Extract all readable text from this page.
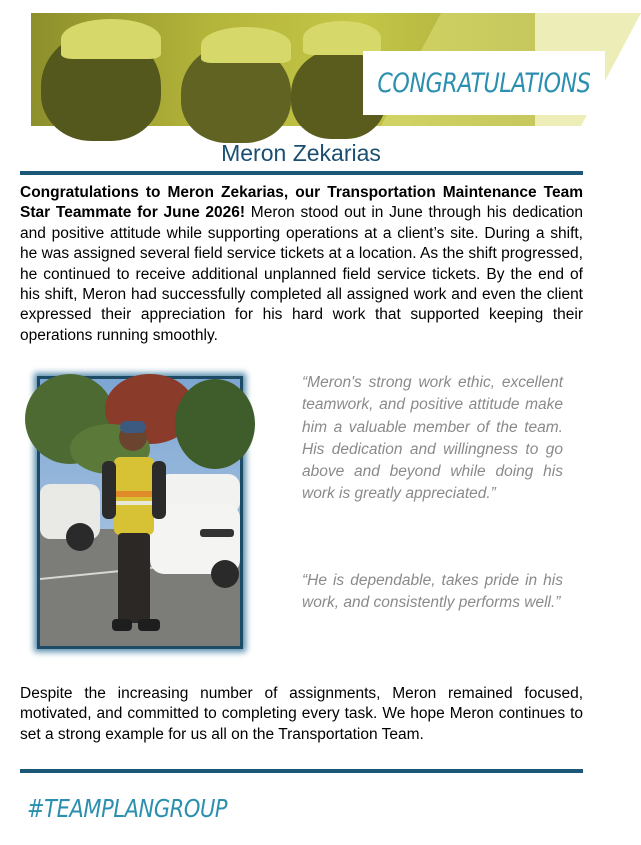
CONGRATULATIONS
Meron Zekarias

Congratulations to Meron Zekarias, our Transportation Maintenance Team Star Teammate for June 2026! Meron stood out in June through his dedication and positive attitude while supporting operations at a client’s site. During a shift, he was assigned several field service tickets at a location. As the shift progressed, he continued to receive additional unplanned field service tickets. By the end of his shift, Meron had successfully completed all assigned work and even the client expressed their appreciation for his hard work that supported keeping their operations running smoothly.

“Meron's strong work ethic, excellent teamwork, and positive attitude make him a valuable member of the team. His dedication and willingness to go above and beyond while doing his work is greatly appreciated.”

“He is dependable, takes pride in his work, and consistently performs well.”

Despite the increasing number of assignments, Meron remained focused, motivated, and committed to completing every task. We hope Meron continues to set a strong example for us all on the Transportation Team.

#TEAMPLANGROUP
